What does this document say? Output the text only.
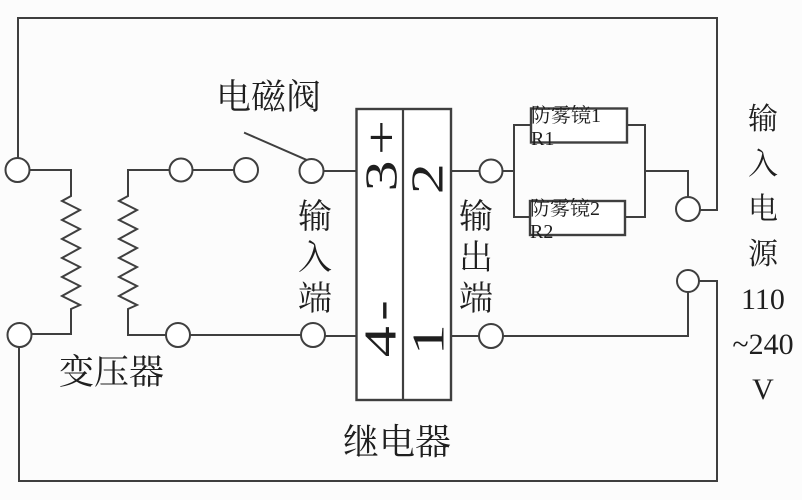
电磁阀
变压器
继电器
输入端
输出端
3+
2
4-
1
防雾镜1 R1
防雾镜2 R2
输
入
电
源
110
~240
V
